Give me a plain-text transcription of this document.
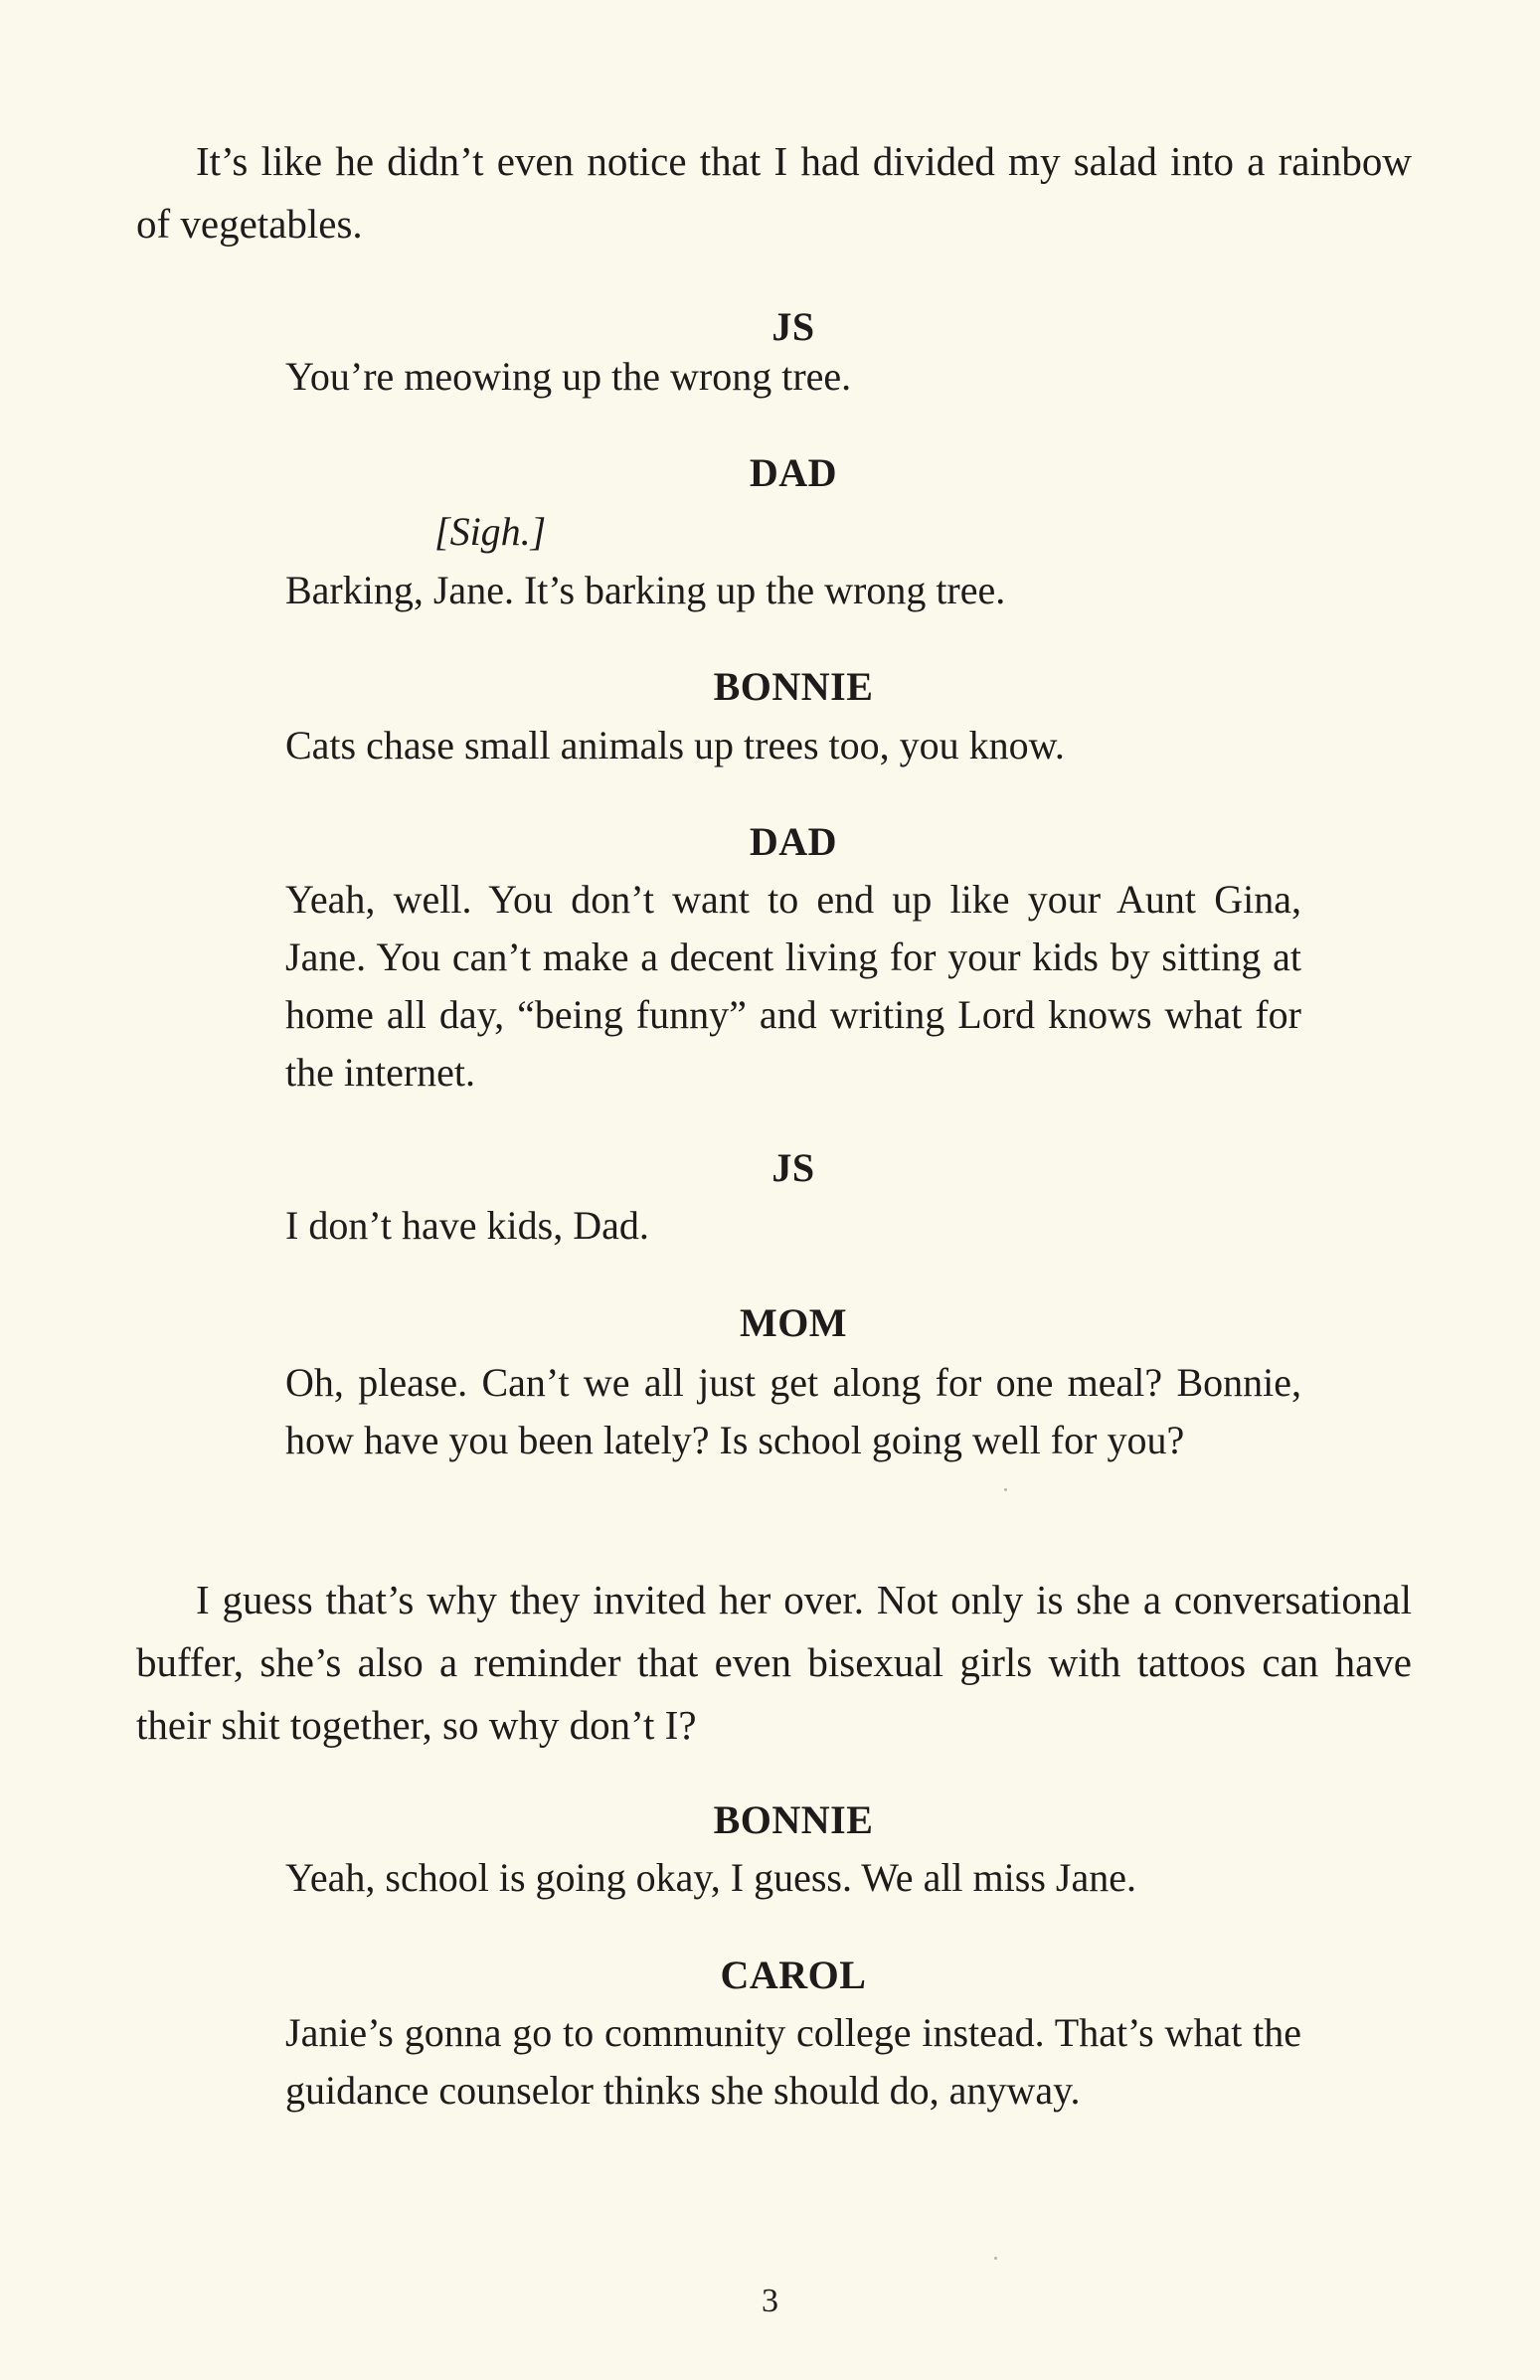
It’s like he didn’t even notice that I had divided my salad into a rainbow of vegetables.

JS

You’re meowing up the wrong tree.

DAD

[Sigh.]

Barking, Jane. It’s barking up the wrong tree.

BONNIE

Cats chase small animals up trees too, you know.

DAD

Yeah, well. You don’t want to end up like your Aunt Gina, Jane. You can’t make a decent living for your kids by sitting at home all day, “being funny” and writing Lord knows what for the internet.

JS

I don’t have kids, Dad.

MOM

Oh, please. Can’t we all just get along for one meal? Bonnie, how have you been lately? Is school going well for you?

I guess that’s why they invited her over. Not only is she a conversational buffer, she’s also a reminder that even bisexual girls with tattoos can have their shit together, so why don’t I?

BONNIE

Yeah, school is going okay, I guess. We all miss Jane.

CAROL

Janie’s gonna go to community college instead. That’s what the guidance counselor thinks she should do, anyway.

3
